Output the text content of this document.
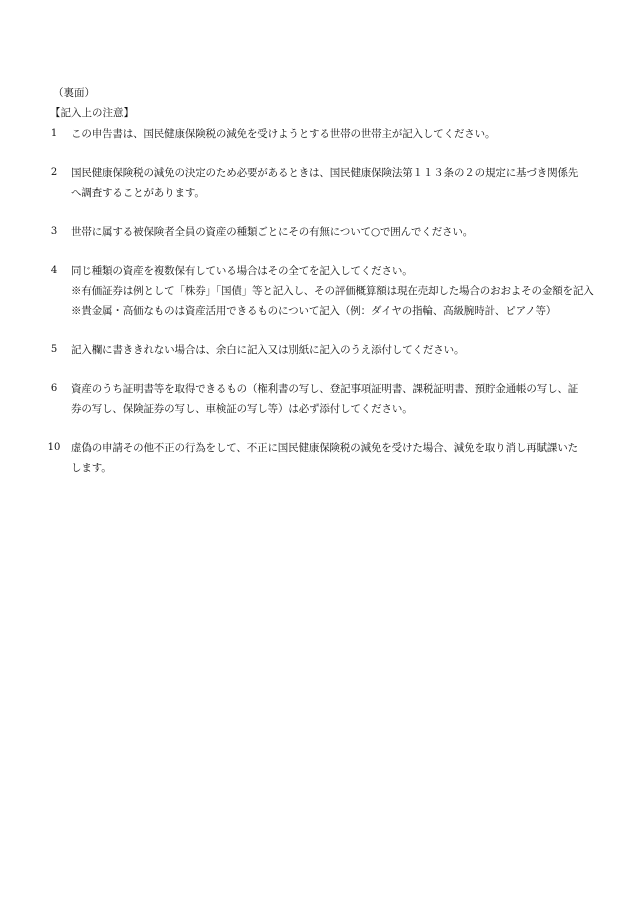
（裏面）
【記入上の注意】
1	この申告書は、国民健康保険税の減免を受けようとする世帯の世帯主が記入してください。
2	国民健康保険税の減免の決定のため必要があるときは、国民健康保険法第１１３条の２の規定に基づき関係先へ調査することがあります。
3	世帯に属する被保険者全員の資産の種類ごとにその有無について○で囲んでください。
4	同じ種類の資産を複数保有している場合はその全てを記入してください。
※有価証券は例として「株券」「国債」等と記入し、その評価概算額は現在売却した場合のおおよその金額を記入
※貴金属・高価なものは資産活用できるものについて記入（例：ダイヤの指輪、高級腕時計、ピアノ等）
5	記入欄に書ききれない場合は、余白に記入又は別紙に記入のうえ添付してください。
6	資産のうち証明書等を取得できるもの（権利書の写し、登記事項証明書、課税証明書、預貯金通帳の写し、証券の写し、保険証券の写し、車検証の写し等）は必ず添付してください。
10 虚偽の申請その他不正の行為をして、不正に国民健康保険税の減免を受けた場合、減免を取り消し再賦課いたします。
